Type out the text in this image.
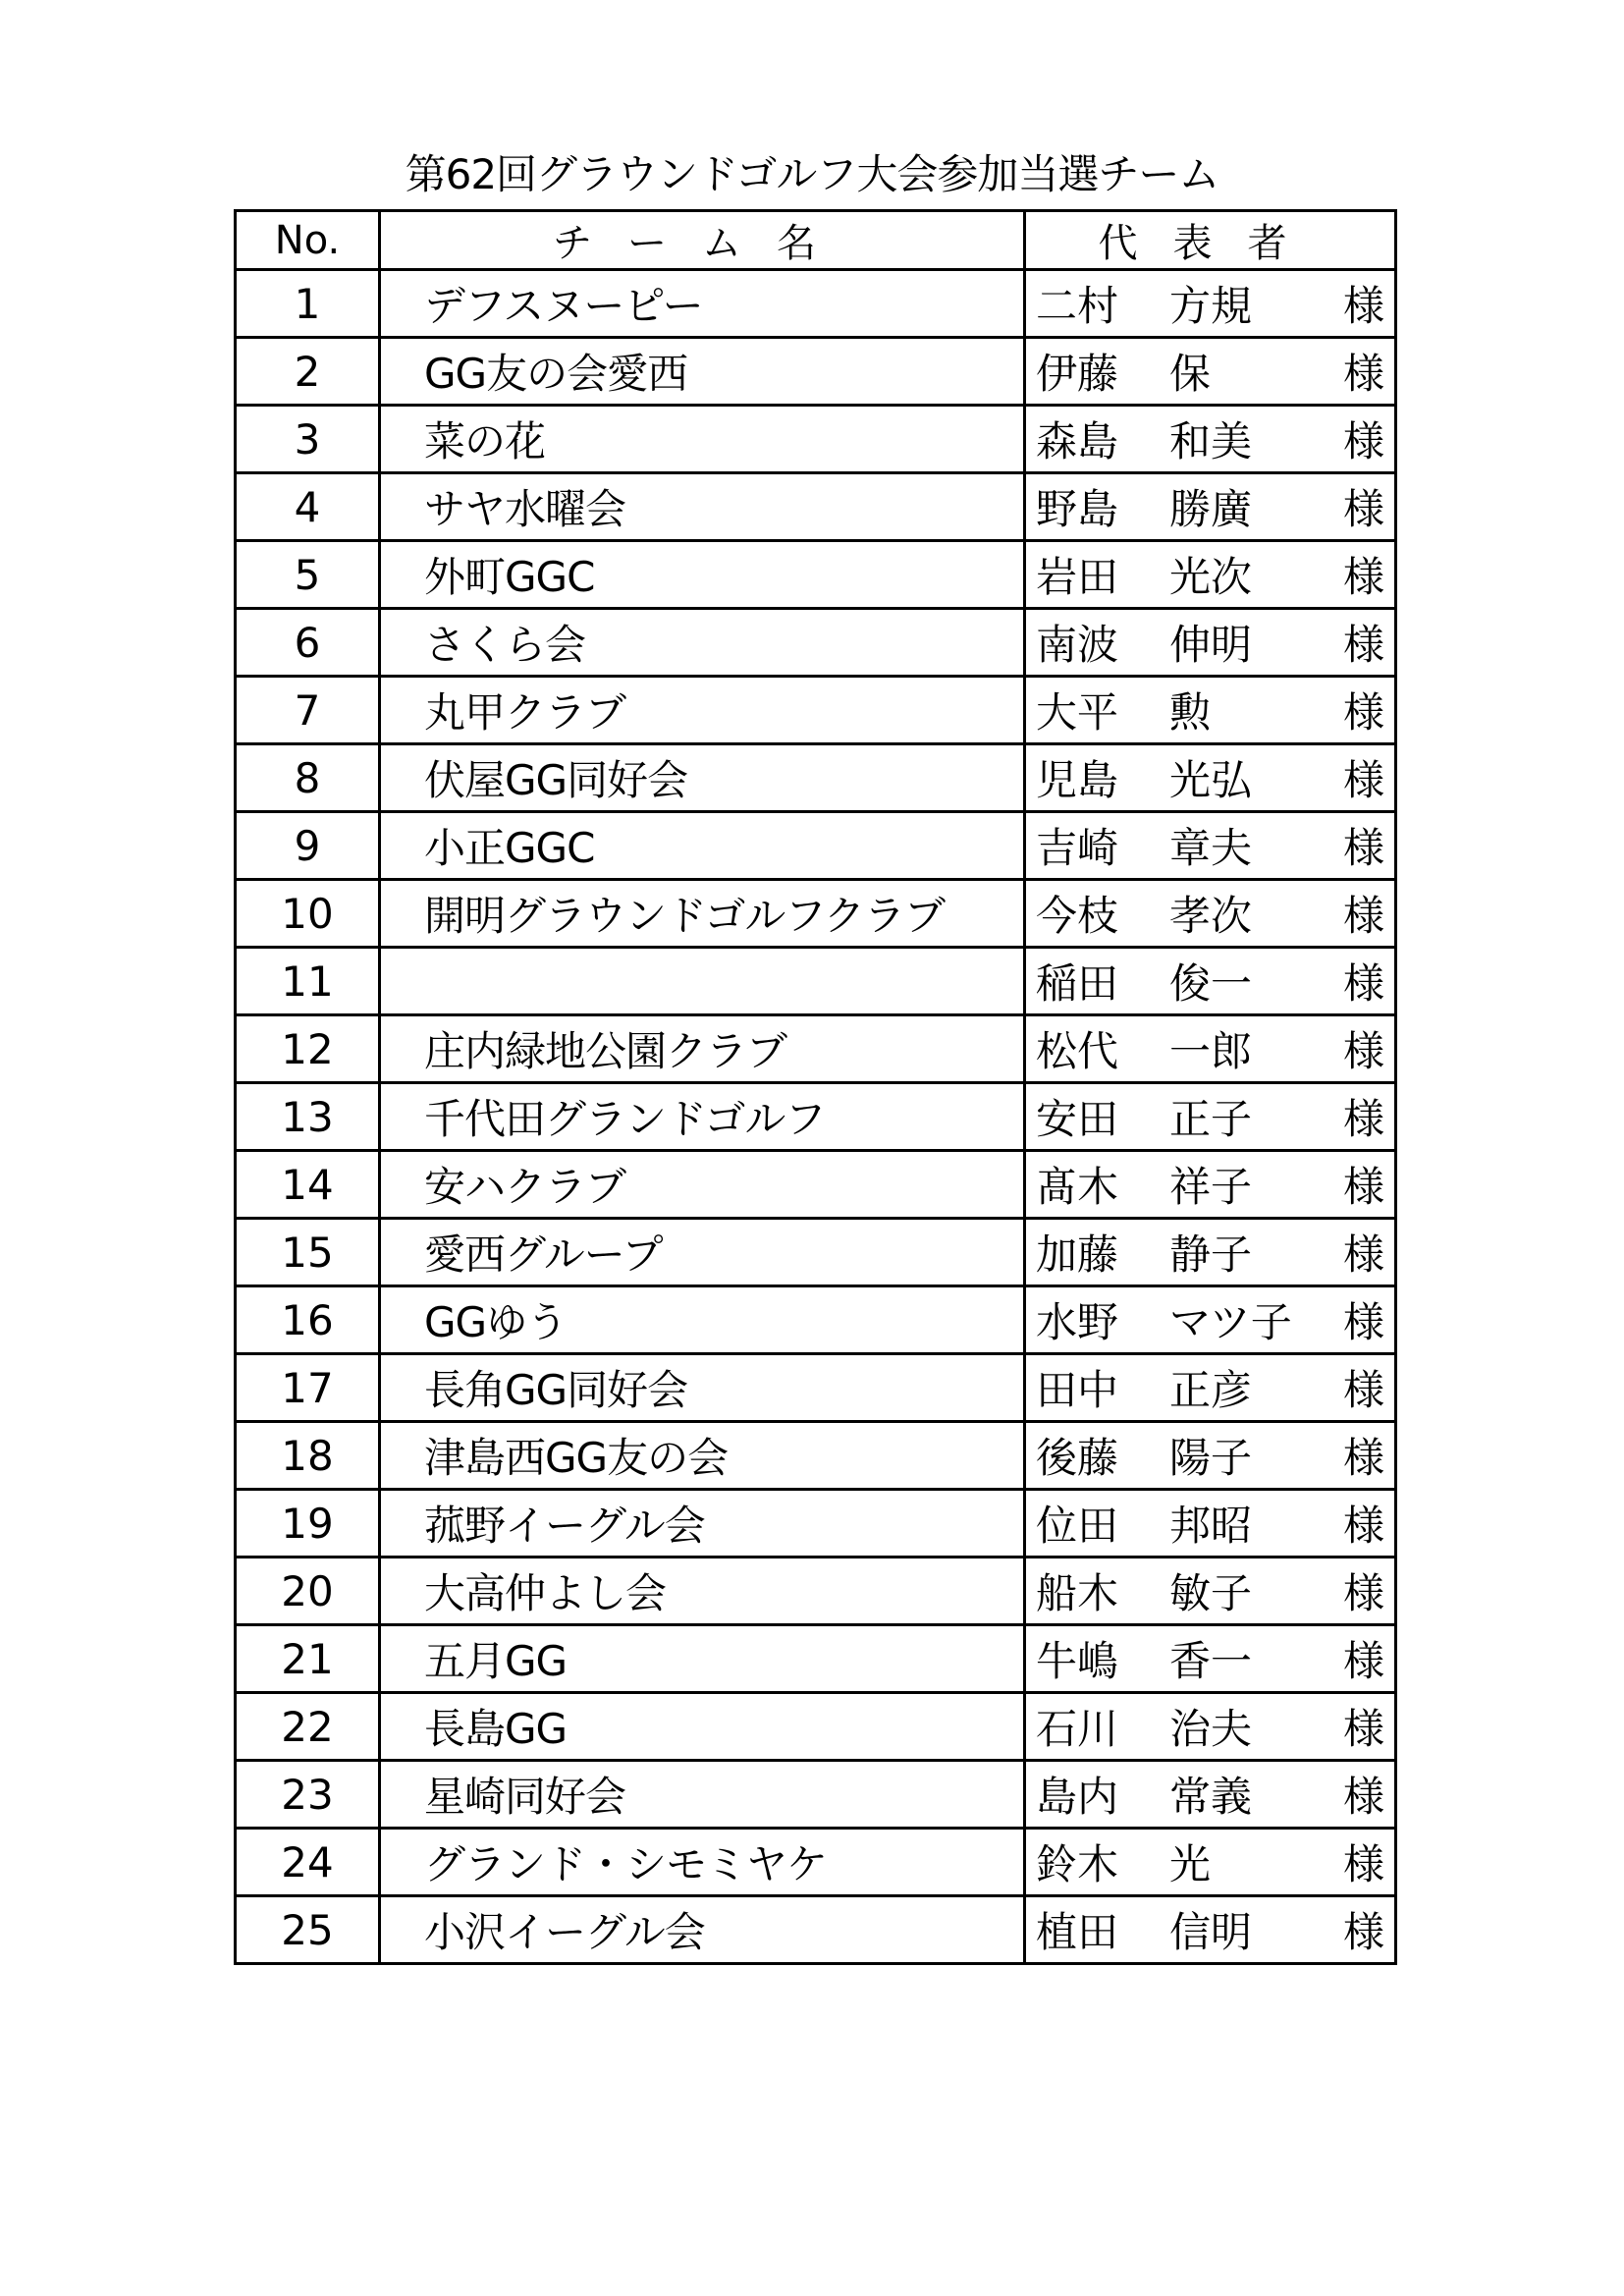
第62回グラウンドゴルフ大会参加当選チーム
No.	チーム名	代表者
1	デフスヌーピー	二村 方規 様

2	GG友の会愛西	伊藤 保 様

3	菜の花	森島 和美 様

4	サヤ水曜会	野島 勝廣 様

5	外町GGC	岩田 光次 様

6	さくら会	南波 伸明 様

7	丸甲クラブ	大平 勲 様

8	伏屋GG同好会	児島 光弘 様

9	小正GGC	吉崎 章夫 様

10	開明グラウンドゴルフクラブ	今枝 孝次 様

11		稲田 俊一 様

12	庄内緑地公園クラブ	松代 一郎 様

13	千代田グランドゴルフ	安田 正子 様

14	安ハクラブ	髙木 祥子 様

15	愛西グループ	加藤 静子 様

16	GGゆう	水野 マツ子 様

17	長角GG同好会	田中 正彦 様

18	津島西GG友の会	後藤 陽子 様

19	菰野イーグル会	位田 邦昭 様

20	大高仲よし会	船木 敏子 様

21	五月GG	牛嶋 香一 様

22	長島GG	石川 治夫 様

23	星崎同好会	島内 常義 様

24	グランド・シモミヤケ	鈴木 光 様

25	小沢イーグル会	植田 信明 様
